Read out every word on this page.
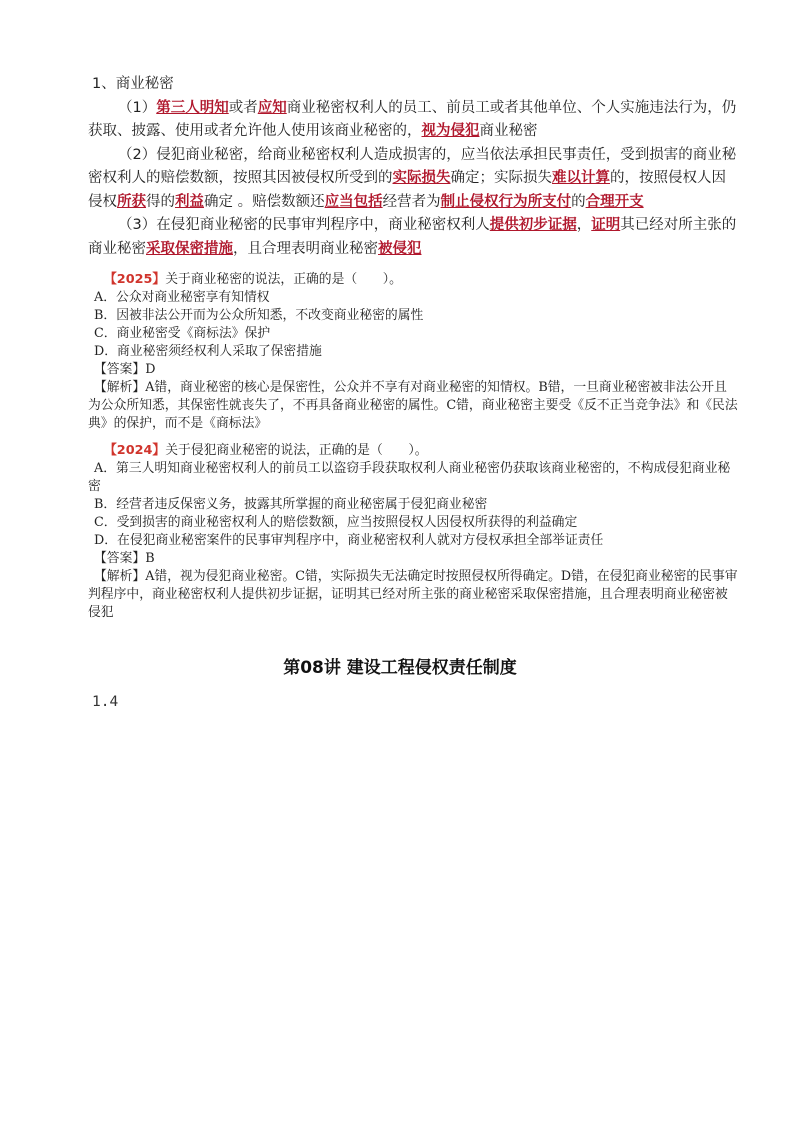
1、商业秘密

（1）第三人明知或者应知商业秘密权利人的员工、前员工或者其他单位、个人实施违法行为，仍获取、披露、使用或者允许他人使用该商业秘密的，视为侵犯商业秘密

（2）侵犯商业秘密，给商业秘密权利人造成损害的，应当依法承担民事责任，受到损害的商业秘密权利人的赔偿数额，按照其因被侵权所受到的实际损失确定；实际损失难以计算的，按照侵权人因侵权所获得的利益确定 。赔偿数额还应当包括经营者为制止侵权行为所支付的合理开支

（3）在侵犯商业秘密的民事审判程序中，商业秘密权利人提供初步证据，证明其已经对所主张的商业秘密采取保密措施，且合理表明商业秘密被侵犯

【2025】关于商业秘密的说法，正确的是（　　）。

A．公众对商业秘密享有知情权

B．因被非法公开而为公众所知悉，不改变商业秘密的属性

C．商业秘密受《商标法》保护

D．商业秘密须经权利人采取了保密措施

【答案】D

【解析】A错，商业秘密的核心是保密性，公众并不享有对商业秘密的知情权。B错，一旦商业秘密被非法公开且为公众所知悉，其保密性就丧失了，不再具备商业秘密的属性。C错，商业秘密主要受《反不正当竞争法》和《民法典》的保护，而不是《商标法》

【2024】关于侵犯商业秘密的说法，正确的是（　　）。

A．第三人明知商业秘密权利人的前员工以盗窃手段获取权利人商业秘密仍获取该商业秘密的，不构成侵犯商业秘密

B．经营者违反保密义务，披露其所掌握的商业秘密属于侵犯商业秘密

C．受到损害的商业秘密权利人的赔偿数额，应当按照侵权人因侵权所获得的利益确定

D．在侵犯商业秘密案件的民事审判程序中，商业秘密权利人就对方侵权承担全部举证责任

【答案】B

【解析】A错，视为侵犯商业秘密。C错，实际损失无法确定时按照侵权所得确定。D错，在侵犯商业秘密的民事审判程序中，商业秘密权利人提供初步证据，证明其已经对所主张的商业秘密采取保密措施，且合理表明商业秘密被侵犯

第08讲 建设工程侵权责任制度
1.4
